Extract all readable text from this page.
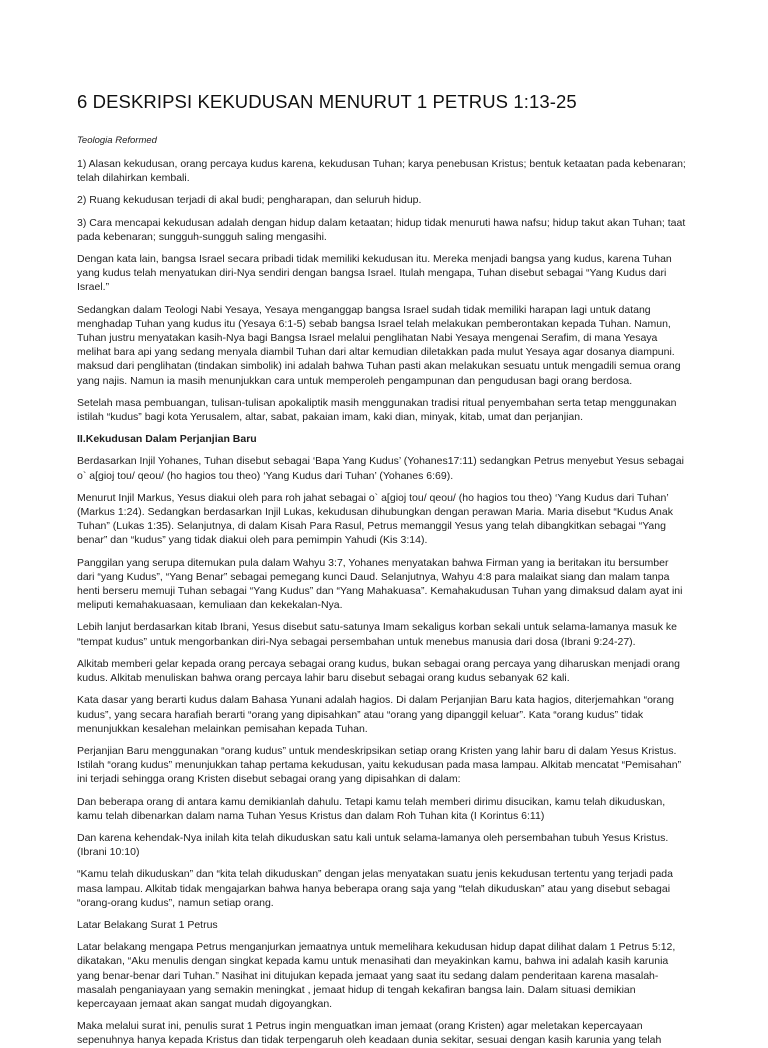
6 DESKRIPSI KEKUDUSAN MENURUT 1 PETRUS 1:13-25
Teologia Reformed

1) Alasan kekudusan, orang percaya kudus karena, kekudusan Tuhan; karya penebusan Kristus; bentuk ketaatan pada kebenaran; telah dilahirkan kembali.

2) Ruang kekudusan terjadi di akal budi; pengharapan, dan seluruh hidup.

3) Cara mencapai kekudusan adalah dengan hidup dalam ketaatan; hidup tidak menuruti hawa nafsu; hidup takut akan Tuhan; taat pada kebenaran; sungguh-sungguh saling mengasihi.

Dengan kata lain, bangsa Israel secara pribadi tidak memiliki kekudusan itu. Mereka menjadi bangsa yang kudus, karena Tuhan yang kudus telah menyatukan diri-Nya sendiri dengan bangsa Israel. Itulah mengapa, Tuhan disebut sebagai “Yang Kudus dari Israel.”

Sedangkan dalam Teologi Nabi Yesaya, Yesaya menganggap bangsa Israel sudah tidak memiliki harapan lagi untuk datang menghadap Tuhan yang kudus itu (Yesaya 6:1-5) sebab bangsa Israel telah melakukan pemberontakan kepada Tuhan. Namun, Tuhan justru menyatakan kasih-Nya bagi Bangsa Israel melalui penglihatan Nabi Yesaya mengenai Serafim, di mana Yesaya melihat bara api yang sedang menyala diambil Tuhan dari altar kemudian diletakkan pada mulut Yesaya agar dosanya diampuni. maksud dari penglihatan (tindakan simbolik) ini adalah bahwa Tuhan pasti akan melakukan sesuatu untuk mengadili semua orang yang najis. Namun ia masih menunjukkan cara untuk memperoleh pengampunan dan pengudusan bagi orang berdosa.

Setelah masa pembuangan, tulisan-tulisan apokaliptik masih menggunakan tradisi ritual penyembahan serta tetap menggunakan istilah “kudus” bagi kota Yerusalem, altar, sabat, pakaian imam, kaki dian, minyak, kitab, umat dan perjanjian.

II.Kekudusan Dalam Perjanjian Baru

Berdasarkan Injil Yohanes, Tuhan disebut sebagai ‘Bapa Yang Kudus’ (Yohanes17:11) sedangkan Petrus menyebut Yesus sebagai o` a[gioj tou/ qeou/ (ho hagios tou theo) ‘Yang Kudus dari Tuhan’ (Yohanes 6:69).

Menurut Injil Markus, Yesus diakui oleh para roh jahat sebagai o` a[gioj tou/ qeou/ (ho hagios tou theo) ‘Yang Kudus dari Tuhan’ (Markus 1:24). Sedangkan berdasarkan Injil Lukas, kekudusan dihubungkan dengan perawan Maria. Maria disebut “Kudus Anak Tuhan” (Lukas 1:35). Selanjutnya, di dalam Kisah Para Rasul, Petrus memanggil Yesus yang telah dibangkitkan sebagai “Yang benar” dan “kudus” yang tidak diakui oleh para pemimpin Yahudi (Kis 3:14).

Panggilan yang serupa ditemukan pula dalam Wahyu 3:7, Yohanes menyatakan bahwa Firman yang ia beritakan itu bersumber dari “yang Kudus”, “Yang Benar” sebagai pemegang kunci Daud. Selanjutnya, Wahyu 4:8 para malaikat siang dan malam tanpa henti berseru memuji Tuhan sebagai “Yang Kudus” dan “Yang Mahakuasa”. Kemahakudusan Tuhan yang dimaksud dalam ayat ini meliputi kemahakuasaan, kemuliaan dan kekekalan-Nya.

Lebih lanjut berdasarkan kitab Ibrani, Yesus disebut satu-satunya Imam sekaligus korban sekali untuk selama-lamanya masuk ke “tempat kudus” untuk mengorbankan diri-Nya sebagai persembahan untuk menebus manusia dari dosa (Ibrani 9:24-27).

Alkitab memberi gelar kepada orang percaya sebagai orang kudus, bukan sebagai orang percaya yang diharuskan menjadi orang kudus. Alkitab menuliskan bahwa orang percaya lahir baru disebut sebagai orang kudus sebanyak 62 kali.

Kata dasar yang berarti kudus dalam Bahasa Yunani adalah hagios. Di dalam Perjanjian Baru kata hagios, diterjemahkan “orang kudus”, yang secara harafiah berarti “orang yang dipisahkan” atau “orang yang dipanggil keluar”. Kata “orang kudus” tidak menunjukkan kesalehan melainkan pemisahan kepada Tuhan.

Perjanjian Baru menggunakan “orang kudus” untuk mendeskripsikan setiap orang Kristen yang lahir baru di dalam Yesus Kristus. Istilah “orang kudus” menunjukkan tahap pertama kekudusan, yaitu kekudusan pada masa lampau. Alkitab mencatat “Pemisahan” ini terjadi sehingga orang Kristen disebut sebagai orang yang dipisahkan di dalam:

Dan beberapa orang di antara kamu demikianlah dahulu. Tetapi kamu telah memberi dirimu disucikan, kamu telah dikuduskan, kamu telah dibenarkan dalam nama Tuhan Yesus Kristus dan dalam Roh Tuhan kita (I Korintus 6:11)

Dan karena kehendak-Nya inilah kita telah dikuduskan satu kali untuk selama-lamanya oleh persembahan tubuh Yesus Kristus. (Ibrani 10:10)

“Kamu telah dikuduskan” dan “kita telah dikuduskan” dengan jelas menyatakan suatu jenis kekudusan tertentu yang terjadi pada masa lampau. Alkitab tidak mengajarkan bahwa hanya beberapa orang saja yang “telah dikuduskan” atau yang disebut sebagai “orang-orang kudus”, namun setiap orang.

Latar Belakang Surat 1 Petrus

Latar belakang mengapa Petrus menganjurkan jemaatnya untuk memelihara kekudusan hidup dapat dilihat dalam 1 Petrus 5:12, dikatakan, “Aku menulis dengan singkat kepada kamu untuk menasihati dan meyakinkan kamu, bahwa ini adalah kasih karunia yang benar-benar dari Tuhan.” Nasihat ini ditujukan kepada jemaat yang saat itu sedang dalam penderitaan karena masalah-masalah penganiayaan yang semakin meningkat , jemaat hidup di tengah kekafiran bangsa lain. Dalam situasi demikian kepercayaan jemaat akan sangat mudah digoyangkan.

Maka melalui surat ini, penulis surat 1 Petrus ingin menguatkan iman jemaat (orang Kristen) agar meletakan kepercayaan sepenuhnya hanya kepada Kristus dan tidak terpengaruh oleh keadaan dunia sekitar, sesuai dengan kasih karunia yang telah
